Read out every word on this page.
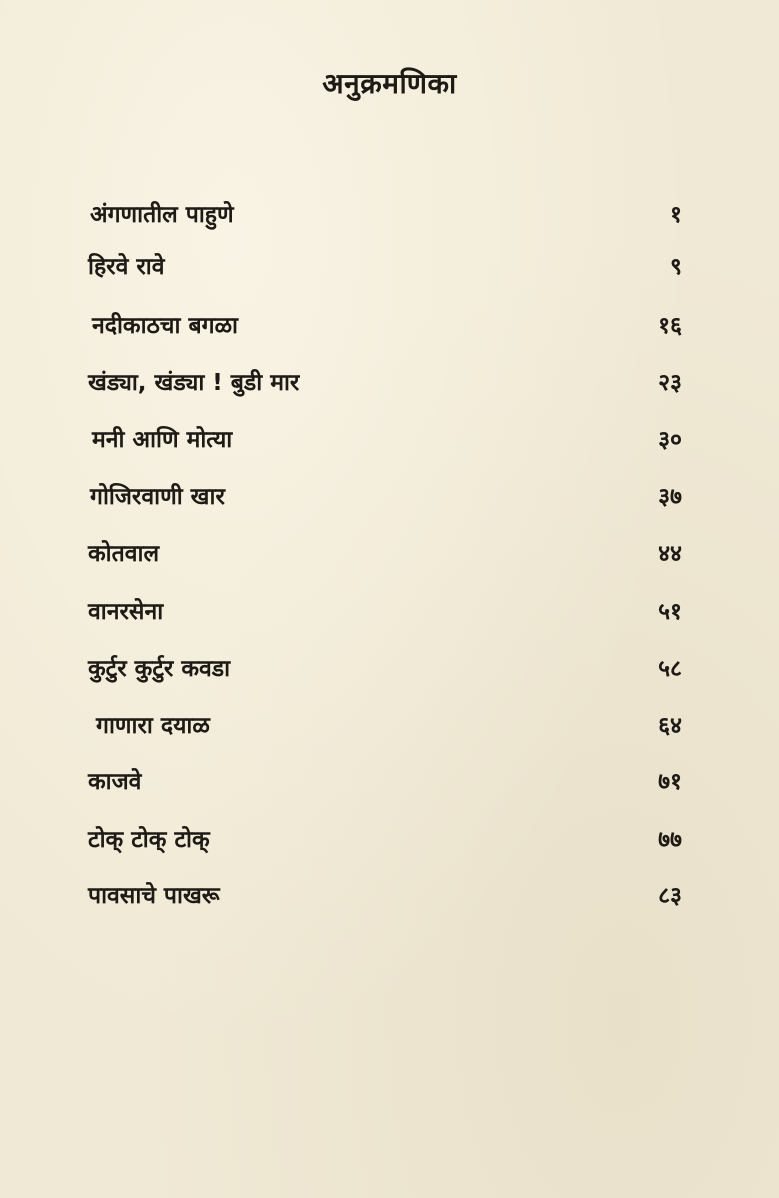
अनुक्रमणिका
अंगणातील पाहुणे	१
हिरवे रावे	९
नदीकाठचा बगळा	१६
खंड्या, खंड्या ! बुडी मार	२३
मनी आणि मोत्या	३०
गोजिरवाणी खार	३७
कोतवाल	४४
वानरसेना	५१
कुर्टुर कुर्टुर कवडा	५८
गाणारा दयाळ	६४
काजवे	७१
टोक् टोक् टोक्	७७
पावसाचे पाखरू	८३
